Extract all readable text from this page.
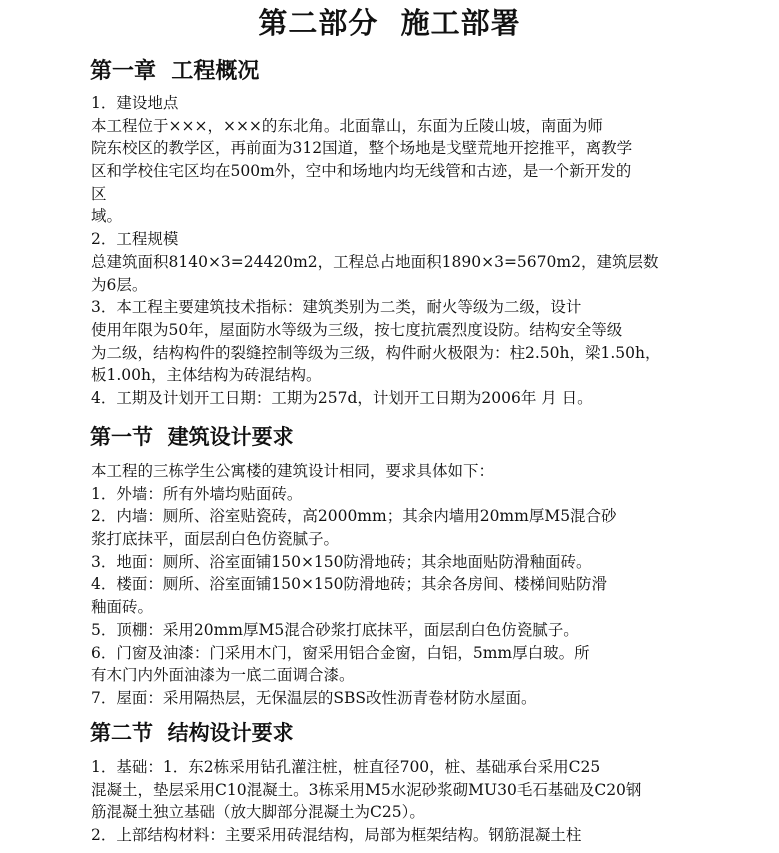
第二部分  施工部署
第一章  工程概况
1．建设地点
本工程位于×××，×××的东北角。北面靠山，东面为丘陵山坡，南面为师
院东校区的教学区，再前面为312国道，整个场地是戈壁荒地开挖推平，离教学
区和学校住宅区均在500m外，空中和场地内均无线管和古迹，是一个新开发的
区
域。
2．工程规模
总建筑面积8140×3=24420m2，工程总占地面积1890×3=5670m2，建筑层数
为6层。
3．本工程主要建筑技术指标：建筑类别为二类，耐火等级为二级，设计
使用年限为50年，屋面防水等级为三级，按七度抗震烈度设防。结构安全等级
为二级，结构构件的裂缝控制等级为三级，构件耐火极限为：柱2.50h，梁1.50h，
板1.00h，主体结构为砖混结构。
4．工期及计划开工日期：工期为257d，计划开工日期为2006年 月 日。
第一节  建筑设计要求
本工程的三栋学生公寓楼的建筑设计相同，要求具体如下：
1．外墙：所有外墙均贴面砖。
2．内墙：厕所、浴室贴瓷砖，高2000mm；其余内墙用20mm厚M5混合砂
浆打底抹平，面层刮白色仿瓷腻子。
3．地面：厕所、浴室面铺150×150防滑地砖；其余地面贴防滑釉面砖。
4．楼面：厕所、浴室面铺150×150防滑地砖；其余各房间、楼梯间贴防滑
釉面砖。
5．顶棚：采用20mm厚M5混合砂浆打底抹平，面层刮白色仿瓷腻子。
6．门窗及油漆：门采用木门，窗采用铝合金窗，白铝，5mm厚白玻。所
有木门内外面油漆为一底二面调合漆。
7．屋面：采用隔热层，无保温层的SBS改性沥青卷材防水屋面。
第二节  结构设计要求
1．基础：1．东2栋采用钻孔灌注桩，桩直径700，桩、基础承台采用C25
混凝土，垫层采用C10混凝土。3栋采用M5水泥砂浆砌MU30毛石基础及C20钢
筋混凝土独立基础（放大脚部分混凝土为C25）。
2．上部结构材料：主要采用砖混结构，局部为框架结构。钢筋混凝土柱
